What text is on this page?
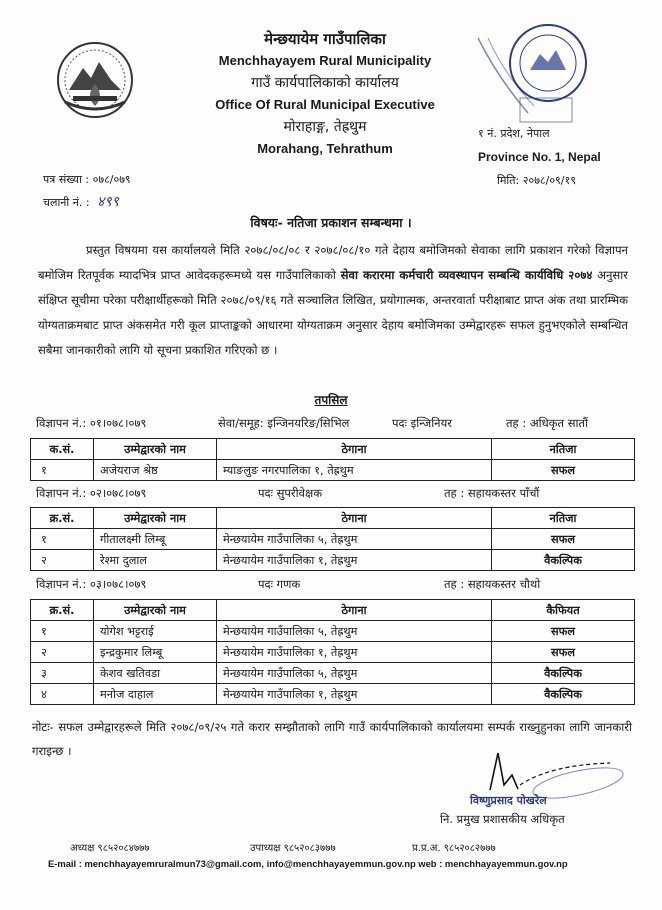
मेन्छयायेम गाउँपालिका
Menchhayayem Rural Municipality
गाउँ कार्यपालिकाको कार्यालय
Office Of Rural Municipal Executive
मोराहाङ्ग, तेह्रथुम
Morahang, Tehrathum
१ नं. प्रदेश, नेपाल
Province No. 1, Nepal
मिति: २०७८/०९/१९
पत्र संख्या : ०७८/०७९
चलानी नं. : ४९९
विषयः- नतिजा प्रकाशन सम्बन्धमा ।
प्रस्तुत विषयमा यस कार्यालयले मिति २०७८/०८/०८ र २०७८/०८/१० गते देहाय बमोजिमको सेवाका लागि प्रकाशन गरेको विज्ञापन बमोजिम रितपूर्वक म्यादभित्र प्राप्त आवेदकहरूमध्ये यस गाउँपालिकाको सेवा करारमा कर्मचारी व्यवस्थापन सम्बन्धि कार्यविधि २०७४ अनुसार संक्षिप्त सूचीमा परेका परीक्षार्थीहरूको मिति २०७८/०९/१६ गते सञ्चालित लिखित, प्रयोगात्मक, अन्तरवार्ता परीक्षाबाट प्राप्त अंक तथा प्रारम्भिक योग्यताक्रमबाट प्राप्त अंकसमेत गरी कूल प्राप्ताङ्कको आधारमा योग्यताक्रम अनुसार देहाय बमोजिमका उम्मेद्वारहरू सफल हुनुभएकोले सम्बन्धित सबैमा जानकारीको लागि यो सूचना प्रकाशित गरिएको छ ।
तपसिल
विज्ञापन नं.: ०१।०७८।०७९	सेवा/समूह: इन्जिनयरिङ/सिभिल	पदः इन्जिनियर	तह : अधिकृत सातौं
क.सं.	उम्मेद्वारको नाम	ठेगाना	नतिजा
१	अजेयराज श्रेष्ठ	म्याङलुङ नगरपालिका १, तेह्रथुम	सफल
विज्ञापन नं.: ०२।०७८।०७९	पदः सुपरीवेक्षक	तह : सहायकस्तर पाँचौं
क्र.सं.	उम्मेद्वारको नाम	ठेगाना	नतिजा
१	गीतालक्ष्मी लिम्बू	मेन्छयायेम गाउँपालिका ५, तेह्रथुम	सफल
२	रेश्मा दुलाल	मेन्छयायेम गाउँपालिका १, तेह्रथुम	वैकल्पिक
विज्ञापन नं.: ०३।०७८।०७९	पदः गणक	तह : सहायकस्तर चौथो
क्र.सं.	उम्मेद्वारको नाम	ठेगाना	कैफियत
१	योगेश भट्टराई	मेन्छयायेम गाउँपालिका ५, तेह्रथुम	सफल
२	इन्द्रकुमार लिम्बू	मेन्छयायेम गाउँपालिका १, तेह्रथुम	सफल
३	केशव खतिवडा	मेन्छयायेम गाउँपालिका ५, तेह्रथुम	वैकल्पिक
४	मनोज दाहाल	मेन्छयायेम गाउँपालिका १, तेह्रथुम	वैकल्पिक
नोटः- सफल उम्मेद्वारहरूले मिति २०७८/०९/२५ गते करार सम्झौताको लागि गाउँ कार्यपालिकाको कार्यालयमा सम्पर्क राख्नुहुनका लागि जानकारी गराइन्छ ।
विष्णुप्रसाद पोखरेल
नि. प्रमुख प्रशासकीय अधिकृत
अध्यक्ष ९८५२०८४७७७	उपाध्यक्ष ९८५२०८३७७७	प्र.प्र.अ. ९८५२०८२७७७
E-mail : menchhayayemruralmun73@gmail.com, info@menchhayayemmun.gov.np web : menchhayayemmun.gov.np
